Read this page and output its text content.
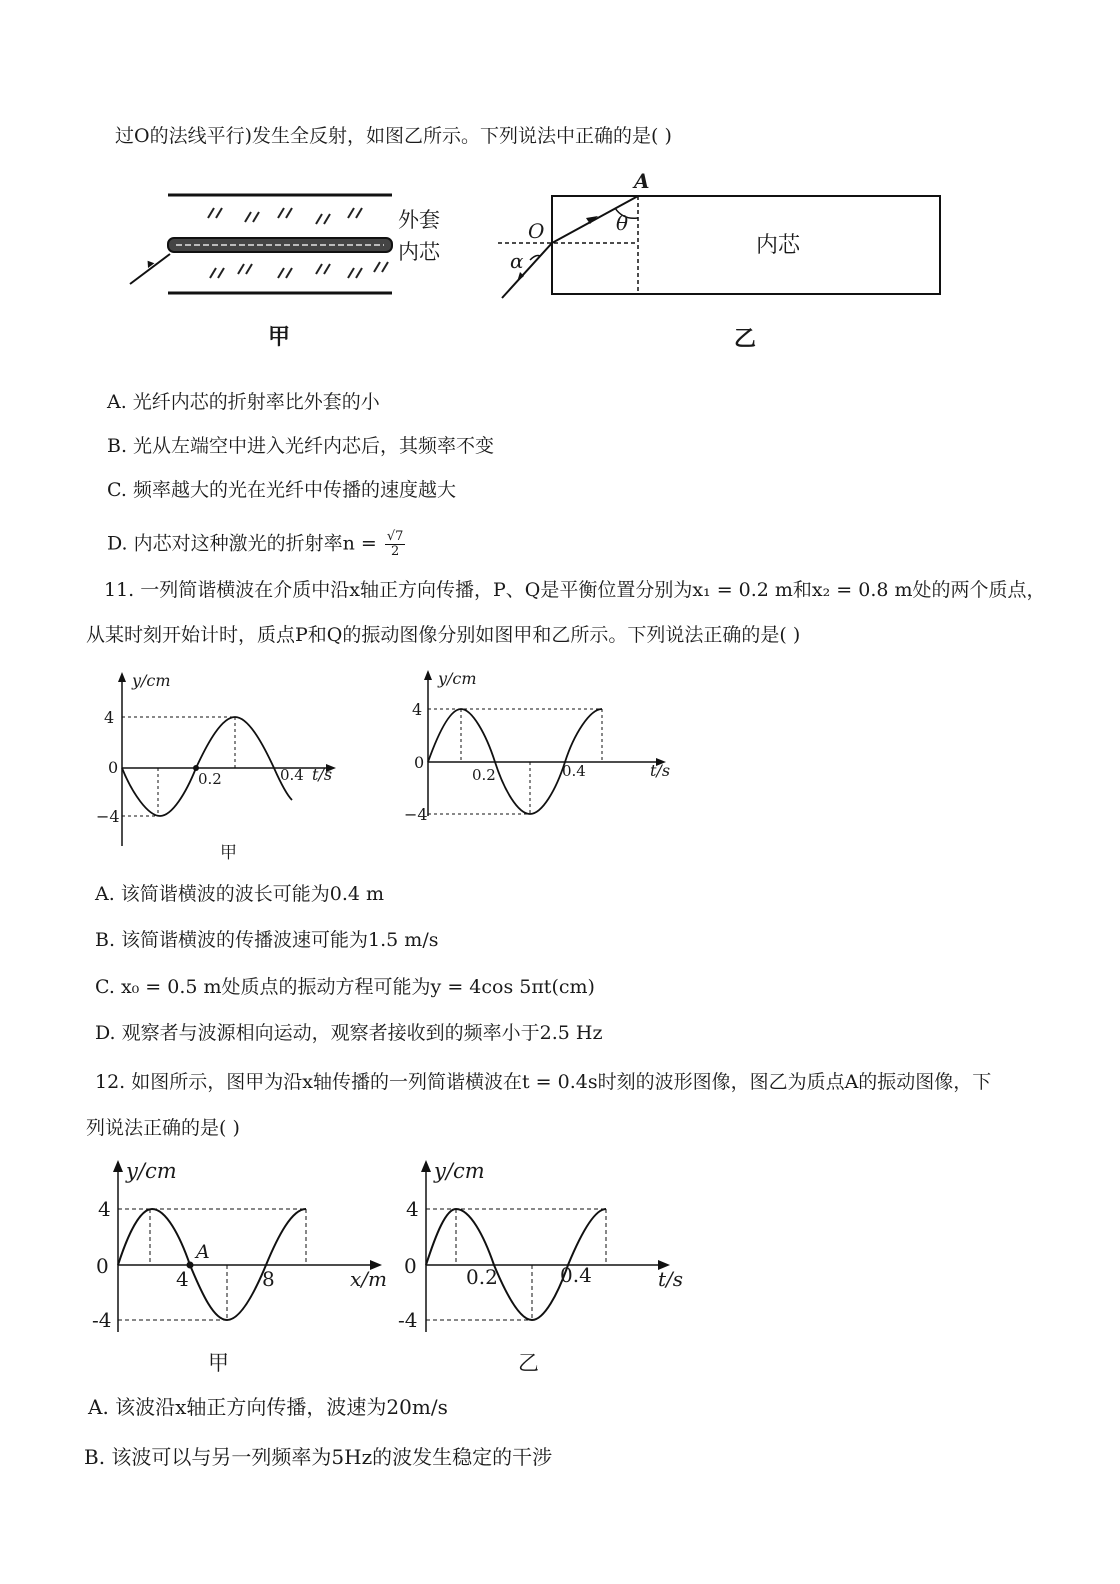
过O的法线平行)发生全反射，如图乙所示。下列说法中正确的是( )
外套
内芯
甲
A
O	θ
α
内芯
乙
A. 光纤内芯的折射率比外套的小
B. 光从左端空中进入光纤内芯后，其频率不变
C. 频率越大的光在光纤中传播的速度越大
D. 内芯对这种激光的折射率$n = \frac{√7}{2}$
11. 一列简谐横波在介质中沿x轴正方向传播，P、Q是平衡位置分别为x₁ = 0.2 m和x₂ = 0.8 m处的两个质点，
从某时刻开始计时，质点P和Q的振动图像分别如图甲和乙所示。下列说法正确的是( )
y/cm
4
0
−4
0.2	0.4 t/s
甲
y/cm
4
0
−4
0.2	0.4	t/s
A. 该简谐横波的波长可能为0.4 m
B. 该简谐横波的传播波速可能为1.5 m/s
C. x₀ = 0.5 m处质点的振动方程可能为y = 4cos 5πt(cm)
D. 观察者与波源相向运动，观察者接收到的频率小于2.5 Hz
12. 如图所示，图甲为沿x轴传播的一列简谐横波在t = 0.4s时刻的波形图像，图乙为质点A的振动图像，下
列说法正确的是( )
y/cm
4
0
-4
4	8
A
x/m
甲
y/cm
4
0
-4
0.2	0.4	t/s
乙
A. 该波沿x轴正方向传播，波速为20m/s
B. 该波可以与另一列频率为5Hz的波发生稳定的干涉
